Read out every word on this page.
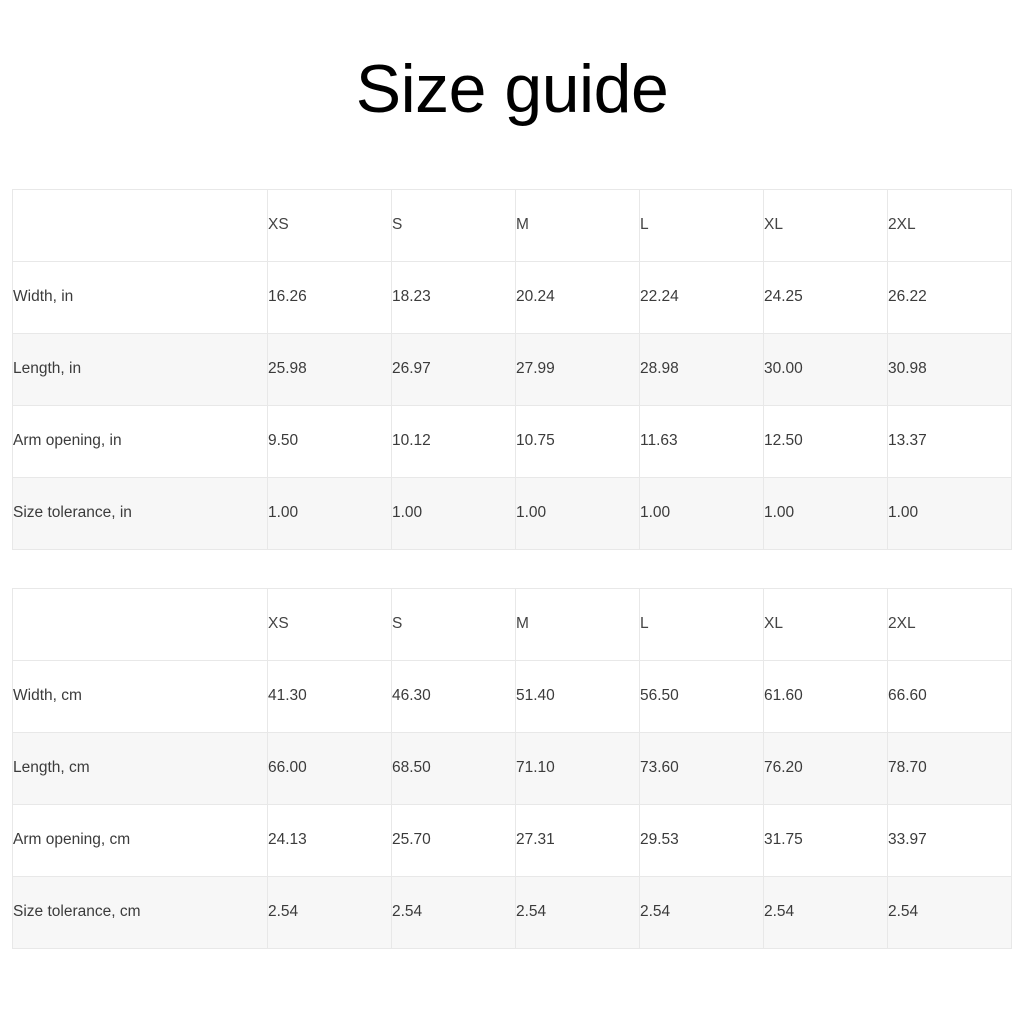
Size guide
	XS	S	M	L	XL	2XL
Width, in	16.26	18.23	20.24	22.24	24.25	26.22
Length, in	25.98	26.97	27.99	28.98	30.00	30.98
Arm opening, in	9.50	10.12	10.75	11.63	12.50	13.37
Size tolerance, in	1.00	1.00	1.00	1.00	1.00	1.00
	XS	S	M	L	XL	2XL
Width, cm	41.30	46.30	51.40	56.50	61.60	66.60
Length, cm	66.00	68.50	71.10	73.60	76.20	78.70
Arm opening, cm	24.13	25.70	27.31	29.53	31.75	33.97
Size tolerance, cm	2.54	2.54	2.54	2.54	2.54	2.54
